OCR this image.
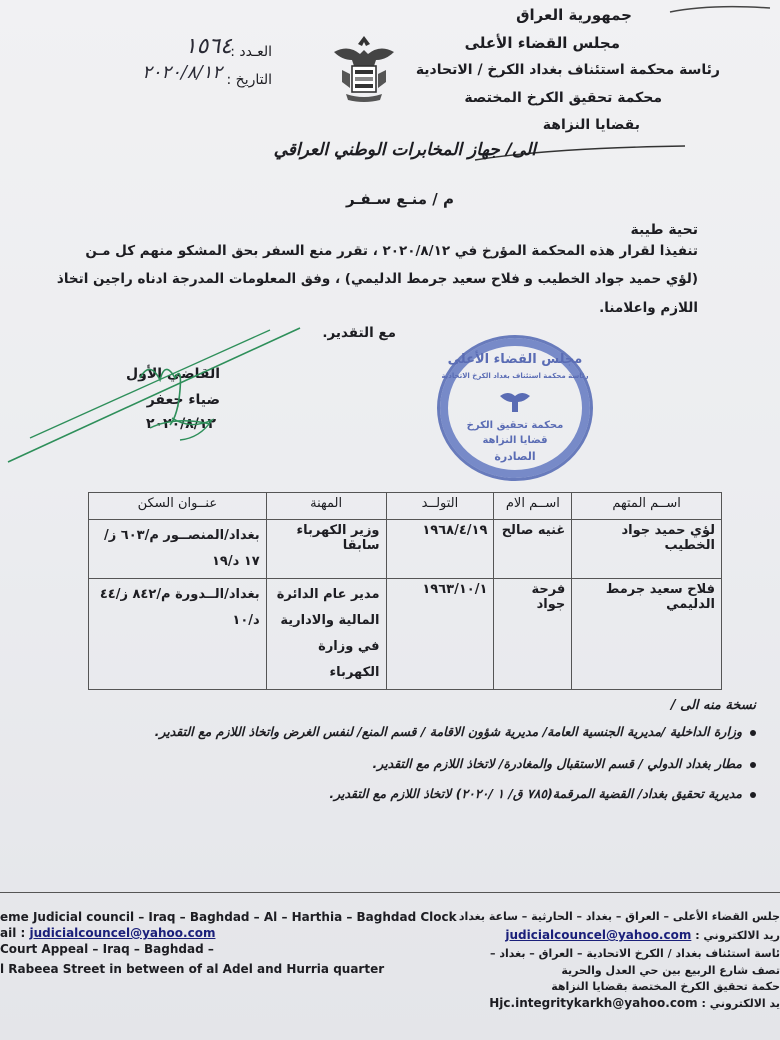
جمهورية العراق
مجلس القضاء الأعلى
رئاسة محكمة استئناف بغداد الكرخ / الاتحادية
محكمة تحقيق الكرخ المختصة
بقضايا النزاهة
العـدد :
١٥٦٤
التاريخ :
٢٠٢٠/٨/١٢
الى/ جهاز المخابرات الوطني العراقي
م / منـع سـفـر
تحية طيبة
تنفيذا لقرار هذه المحكمة المؤرخ في ٢٠٢٠/٨/١٢ ، تقرر منع السفر بحق المشكو منهم كل مـن
(لؤي حميد جواد الخطيب و فلاح سعيد جرمط الدليمي) ، وفق المعلومات المدرجة ادناه راجين اتخاذ
اللازم واعلامنا.
مع التقدير.
القاضي الأول
ضياء جعفر
٢٠٢٠/٨/١٢
مجلس القضاء الأعلى
رئاسة محكمة استئناف بغداد الكرخ الاتحادية
محكمة تحقيق الكرخ
قضايا النزاهة
الصادرة
اســم المتهم	اســم الام	التولــد	المهنة	عنــوان السكن
لؤي حميد جواد الخطيب	غنيه صالح	١٩٦٨/٤/١٩	وزير الكهرباء سابقا	بغداد/المنصــور م/٦٠٣ ز/١٧ د/١٩
فلاح سعيد جرمط الدليمي	فرحة جواد	١٩٦٣/١٠/١	مدير عام الدائرة المالية والادارية في وزارة الكهرباء	بغداد/الــدورة م/٨٤٢ ز/٤٤ د/١٠
نسخة منه الى /
وزارة الداخلية /مديرية الجنسية العامة/ مديرية شؤون الاقامة / قسم المنع/ لنفس الغرض واتخاذ اللازم مع التقدير.
مطار بغداد الدولي / قسم الاستقبال والمغادرة/ لاتخاذ اللازم مع التقدير.
مديرية تحقيق بغداد/ القضية المرقمة(٧٨٥ ق/ ١ /٢٠٢٠) لاتخاذ اللازم مع التقدير.
eme Judicial council – Iraq – Baghdad – Al – Harthia – Baghdad Clock
ail : judicialcouncel@yahoo.com
Court Appeal – Iraq – Baghdad –
l Rabeea Street in between of al Adel and Hurria quarter
جلس القضاء الأعلى – العراق – بغداد – الحارثية – ساعة بغداد
ريد الالكتروني : judicialcouncel@yahoo.com
ئاسة استئناف بغداد / الكرخ الاتحادية – العراق – بغداد –
تصف شارع الربيع بين حي العدل والحرية
حكمة تحقيق الكرخ المختصة بقضايا النزاهة
يد الالكتروني : Hjc.integritykarkh@yahoo.com
